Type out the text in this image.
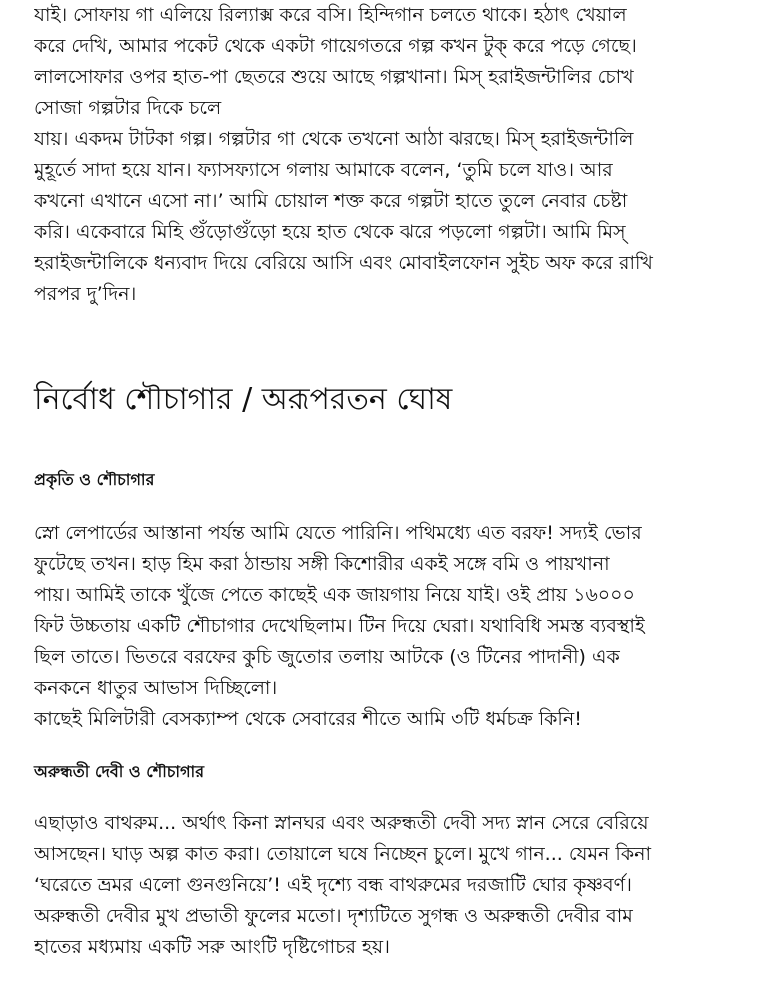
যাই। সোফায় গা এলিয়ে রিল্যাক্স করে বসি। হিন্দিগান চলতে থাকে। হঠাৎ খেয়াল
করে দেখি, আমার পকেট থেকে একটা গায়েগতরে গল্প কখন টুক্ করে পড়ে গেছে।
লালসোফার ওপর হাত-পা ছেতরে শুয়ে আছে গল্পখানা। মিস্ হরাইজন্টালির চোখ
সোজা গল্পটার দিকে চলে
যায়। একদম টাটকা গল্প। গল্পটার গা থেকে তখনো আঠা ঝরছে। মিস্ হরাইজন্টালি
মুহূর্তে সাদা হয়ে যান। ফ্যাসফ্যাসে গলায় আমাকে বলেন, ‘তুমি চলে যাও। আর
কখনো এখানে এসো না।’ আমি চোয়াল শক্ত করে গল্পটা হাতে তুলে নেবার চেষ্টা
করি। একেবারে মিহি গুঁড়োগুঁড়ো হয়ে হাত থেকে ঝরে পড়লো গল্পটা। আমি মিস্
হরাইজন্টালিকে ধন্যবাদ দিয়ে বেরিয়ে আসি এবং মোবাইলফোন সুইচ অফ করে রাখি
পরপর দু’দিন।
নির্বোধ শৌচাগার / অরূপরতন ঘোষ
প্রকৃতি ও শৌচাগার
স্নো লেপার্ডের আস্তানা পর্যন্ত আমি যেতে পারিনি। পথিমধ্যে এত বরফ! সদ্যই ভোর
ফুটেছে তখন। হাড় হিম করা ঠান্ডায় সঙ্গী কিশোরীর একই সঙ্গে বমি ও পায়খানা
পায়। আমিই তাকে খুঁজে পেতে কাছেই এক জায়গায় নিয়ে যাই। ওই প্রায় ১৬০০০
ফিট উচ্চতায় একটি শৌচাগার দেখেছিলাম। টিন দিয়ে ঘেরা। যথাবিধি সমস্ত ব্যবস্থাই
ছিল তাতে। ভিতরে বরফের কুচি জুতোর তলায় আটকে (ও টিনের পাদানী) এক
কনকনে ধাতুর আভাস দিচ্ছিলো।
কাছেই মিলিটারী বেসক্যাম্প থেকে সেবারের শীতে আমি ৩টি ধর্মচক্র কিনি!
অরুন্ধতী দেবী ও শৌচাগার
এছাড়াও বাথরুম... অর্থাৎ কিনা স্নানঘর এবং অরুন্ধতী দেবী সদ্য স্নান সেরে বেরিয়ে
আসছেন। ঘাড় অল্প কাত করা। তোয়ালে ঘষে নিচ্ছেন চুলে। মুখে গান... যেমন কিনা
‘ঘরেতে ভ্রমর এলো গুনগুনিয়ে’! এই দৃশ্যে বন্ধ বাথরুমের দরজাটি ঘোর কৃষ্ণবর্ণ।
অরুন্ধতী দেবীর মুখ প্রভাতী ফুলের মতো। দৃশ্যটিতে সুগন্ধ ও অরুন্ধতী দেবীর বাম
হাতের মধ্যমায় একটি সরু আংটি দৃষ্টিগোচর হয়।
